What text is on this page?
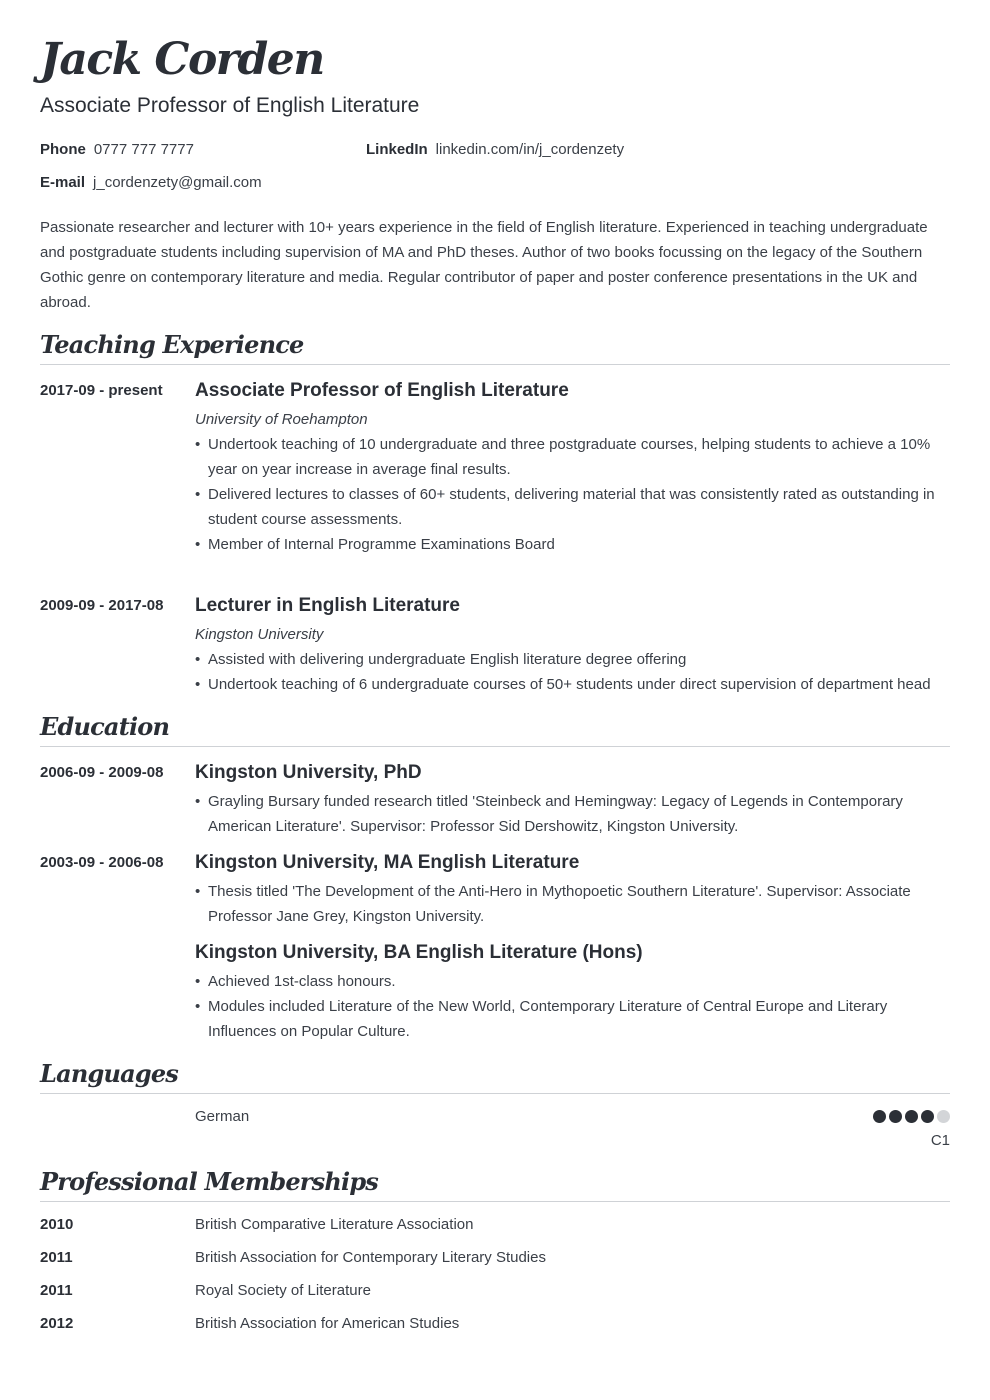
Jack Corden
Associate Professor of English Literature
Phone 0777 777 7777	LinkedIn linkedin.com/in/j_cordenzety
E-mail j_cordenzety@gmail.com
Passionate researcher and lecturer with 10+ years experience in the field of English literature. Experienced in teaching undergraduate and postgraduate students including supervision of MA and PhD theses. Author of two books focussing on the legacy of the Southern Gothic genre on contemporary literature and media. Regular contributor of paper and poster conference presentations in the UK and abroad.
Teaching Experience
2017-09 - present Associate Professor of English Literature
University of Roehampton
• Undertook teaching of 10 undergraduate and three postgraduate courses, helping students to achieve a 10% year on year increase in average final results.
• Delivered lectures to classes of 60+ students, delivering material that was consistently rated as outstanding in student course assessments.
• Member of Internal Programme Examinations Board
2009-09 - 2017-08 Lecturer in English Literature
Kingston University
• Assisted with delivering undergraduate English literature degree offering
• Undertook teaching of 6 undergraduate courses of 50+ students under direct supervision of department head
Education
2006-09 - 2009-08 Kingston University, PhD
• Grayling Bursary funded research titled 'Steinbeck and Hemingway: Legacy of Legends in Contemporary American Literature'. Supervisor: Professor Sid Dershowitz, Kingston University.
2003-09 - 2006-08 Kingston University, MA English Literature
• Thesis titled 'The Development of the Anti-Hero in Mythopoetic Southern Literature'. Supervisor: Associate Professor Jane Grey, Kingston University.
Kingston University, BA English Literature (Hons)
• Achieved 1st-class honours.
• Modules included Literature of the New World, Contemporary Literature of Central Europe and Literary Influences on Popular Culture.
Languages
German
C1
Professional Memberships
2010	British Comparative Literature Association
2011	British Association for Contemporary Literary Studies
2011	Royal Society of Literature
2012	British Association for American Studies
